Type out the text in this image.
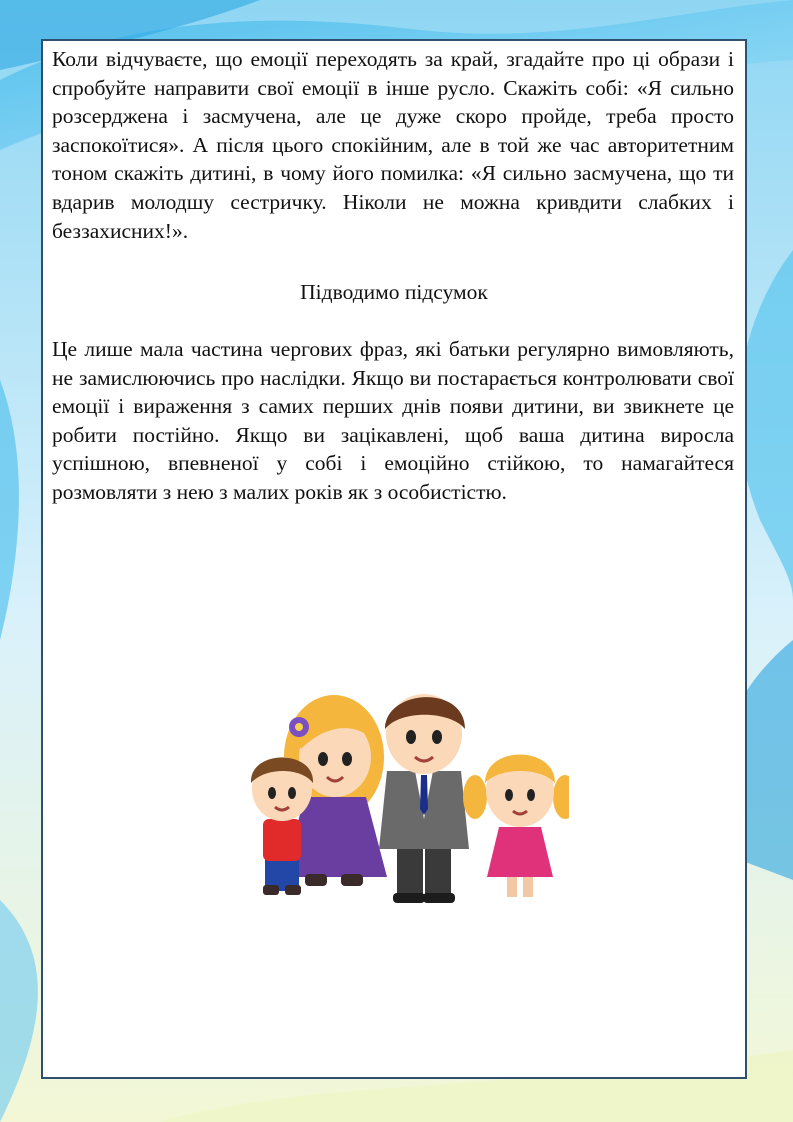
Коли відчуваєте, що емоції переходять за край, згадайте про ці образи і спробуйте направити свої емоції в інше русло. Скажіть собі: «Я сильно розсерджена і засмучена, але це дуже скоро пройде, треба просто заспокоїтися». А після цього спокійним, але в той же час авторитетним тоном скажіть дитині, в чому його помилка: «Я сильно засмучена, що ти вдарив молодшу сестричку. Ніколи не можна кривдити слабких і беззахисних!».
Підводимо підсумок
Це лише мала частина чергових фраз, які батьки регулярно вимовляють, не замислюючись про наслідки. Якщо ви постарається контролювати свої емоції і вираження з самих перших днів появи дитини, ви звикнете це робити постійно. Якщо ви зацікавлені, щоб ваша дитина виросла успішною, впевненої у собі і емоційно стійкою, то намагайтеся розмовляти з нею з малих років як з особистістю.
